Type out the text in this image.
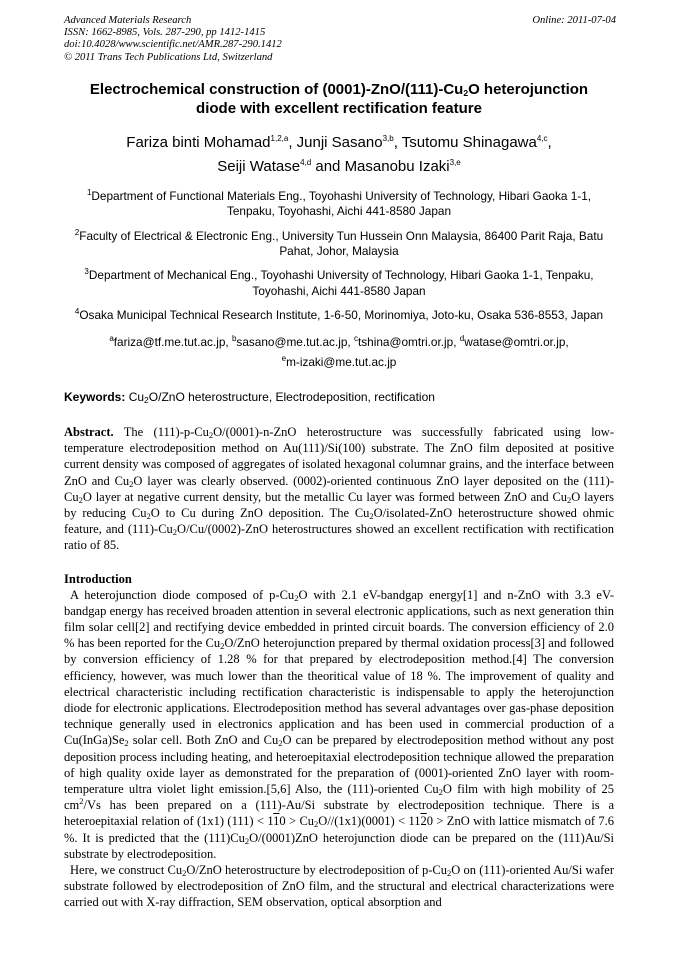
Advanced Materials Research
ISSN: 1662-8985, Vols. 287-290, pp 1412-1415
doi:10.4028/www.scientific.net/AMR.287-290.1412
© 2011 Trans Tech Publications Ltd, Switzerland
Online: 2011-07-04
Electrochemical construction of $(0001)-ZnO/(111)-Cu_2O$ heterojunction
diode with excellent rectification feature
Fariza binti Mohamad$^{1,2,a}$, Junji Sasano$^{3,b}$, Tsutomu Shinagawa$^{4,c}$,
Seiji Watase$^{4,d}$ and Masanobu Izaki$^{3,e}$
$^1$Department of Functional Materials Eng., Toyohashi University of Technology, Hibari Gaoka 1-1, Tenpaku, Toyohashi, Aichi 441-8580 Japan
$^2$Faculty of Electrical & Electronic Eng., University Tun Hussein Onn Malaysia, 86400 Parit Raja, Batu Pahat, Johor, Malaysia
$^3$Department of Mechanical Eng., Toyohashi University of Technology, Hibari Gaoka 1-1, Tenpaku, Toyohashi, Aichi 441-8580 Japan
$^4$Osaka Municipal Technical Research Institute, 1-6-50, Morinomiya, Joto-ku, Osaka 536-8553, Japan
$^a$fariza@tf.me.tut.ac.jp, $^b$sasano@me.tut.ac.jp, $^c$tshina@omtri.or.jp, $^d$watase@omtri.or.jp,
$^e$m-izaki@me.tut.ac.jp
Keywords: $Cu_2O$/ZnO heterostructure, Electrodeposition, rectification
Abstract. The $(111)-p-Cu_2O/(0001)-n$-ZnO heterostructure was successfully fabricated using low-temperature electrodeposition method on Au(111)/Si(100) substrate. The ZnO film deposited at positive current density was composed of aggregates of isolated hexagonal columnar grains, and the interface between ZnO and $Cu_2O$ layer was clearly observed. (0002)-oriented continuous ZnO layer deposited on the $(111)-Cu_2O$ layer at negative current density, but the metallic Cu layer was formed between ZnO and $Cu_2O$ layers by reducing $Cu_2O$ to Cu during ZnO deposition. The $Cu_2O/isolated$-ZnO heterostructure showed ohmic feature, and $(111)-Cu_2O/Cu/(0002)$-ZnO heterostructures showed an excellent rectification with rectification ratio of 85.
Introduction
A heterojunction diode composed of $p-Cu_2O$ with 2.1 eV-bandgap energy[1] and n-ZnO with 3.3 eV-bandgap energy has received broaden attention in several electronic applications, such as next generation thin film solar cell[2] and rectifying device embedded in printed circuit boards. The conversion efficiency of 2.0 % has been reported for the $Cu_2O$/ZnO heterojunction prepared by thermal oxidation process[3] and followed by conversion efficiency of 1.28 % for that prepared by electrodeposition method.[4] The conversion efficiency, however, was much lower than the theoritical value of 18 %. The improvement of quality and electrical characteristic including rectification characteristic is indispensable to apply the heterojunction diode for electronic applications. Electrodeposition method has several advantages over gas-phase deposition technique generally used in electronics application and has been used in commercial production of a $Cu(InGa)Se_2$ solar cell. Both ZnO and $Cu_2O$ can be prepared by electrodeposition method without any post deposition process including heating, and heteroepitaxial electrodeposition technique allowed the preparation of high quality oxide layer as demonstrated for the preparation of (0001)-oriented ZnO layer with room-temperature ultra violet light emission.[5,6] Also, the (111)-oriented $Cu_2O$ film with high mobility of 25 $cm^2/Vs$ has been prepared on a (111)-Au/Si substrate by electrodeposition technique. There is a heteroepitaxial relation of (1x1) $(111) < 110 > Cu_2O//(1x1)(0001) < 1120$ > ZnO with lattice mismatch of 7.6 %. It is predicted that the $(111)Cu_2O/(0001)ZnO$ heterojunction diode can be prepared on the (111)Au/Si substrate by electrodeposition.
Here, we construct $Cu_2O$/ZnO heterostructure by electrodeposition of $p-Cu_2O$ on (111)-oriented Au/Si wafer substrate followed by electrodeposition of ZnO film, and the structural and electrical characterizations were carried out with X-ray diffraction, SEM observation, optical absorption and
